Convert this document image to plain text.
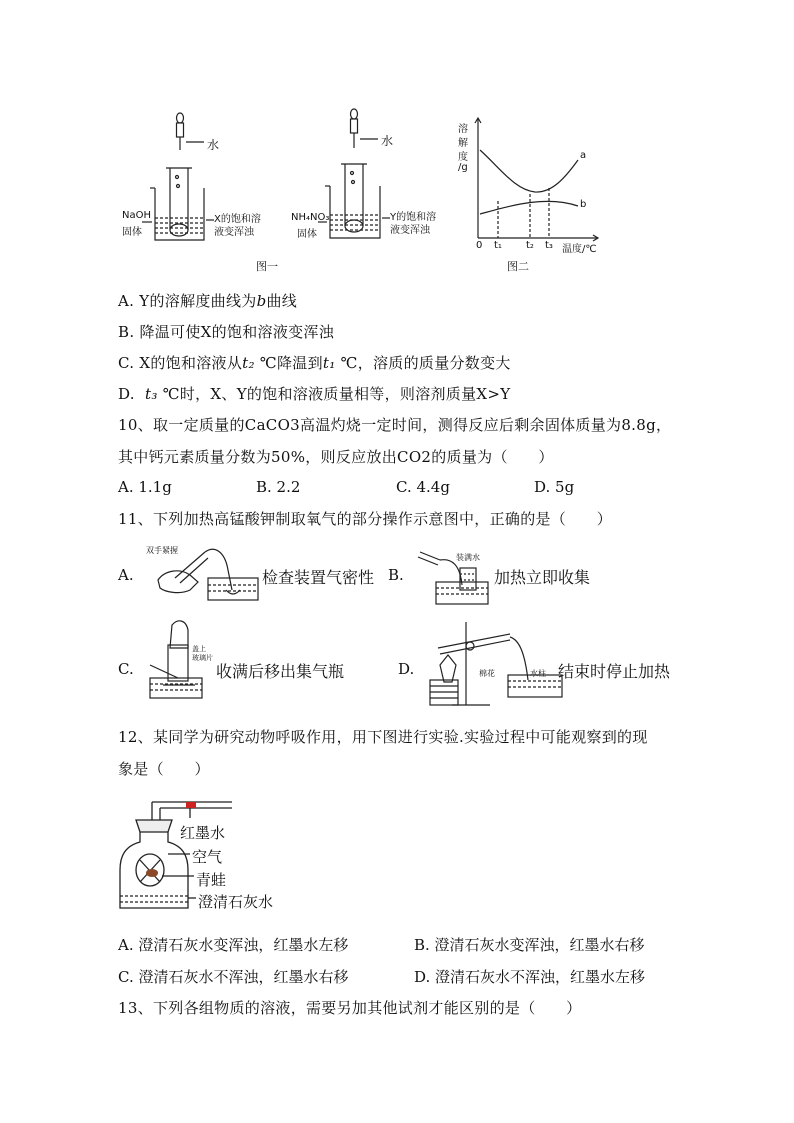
水
NaOH
固体
X的饱和溶
液变浑浊
图一
水
NH₄NO₃
固体
Y的饱和溶
液变浑浊
溶
解
度
/g
a
b
0 t₁ t₂ t₃ 温度/℃
图二
A. Y的溶解度曲线为b曲线
B. 降温可使X的饱和溶液变浑浊
C. X的饱和溶液从t₂ ℃降温到t₁ ℃，溶质的质量分数变大
D. t₃ ℃时，X、Y的饱和溶液质量相等，则溶剂质量X>Y
10、取一定质量的CaCO3高温灼烧一定时间，测得反应后剩余固体质量为8.8g，
其中钙元素质量分数为50%，则反应放出CO2的质量为（　　）
A. 1.1g	B. 2.2	C. 4.4g	D. 5g
11、下列加热高锰酸钾制取氧气的部分操作示意图中，正确的是（　　）
双手紧握
装满水
盖上
玻璃片
棉花	水柱
A.	检查装置气密性 B.	加热立即收集
C.	收满后移出集气瓶	D.	结束时停止加热
12、某同学为研究动物呼吸作用，用下图进行实验.实验过程中可能观察到的现
象是（　　）
红墨水
空气
青蛙
澄清石灰水
A. 澄清石灰水变浑浊，红墨水左移	B. 澄清石灰水变浑浊，红墨水右移
C. 澄清石灰水不浑浊，红墨水右移	D. 澄清石灰水不浑浊，红墨水左移
13、下列各组物质的溶液，需要另加其他试剂才能区别的是（　　）
